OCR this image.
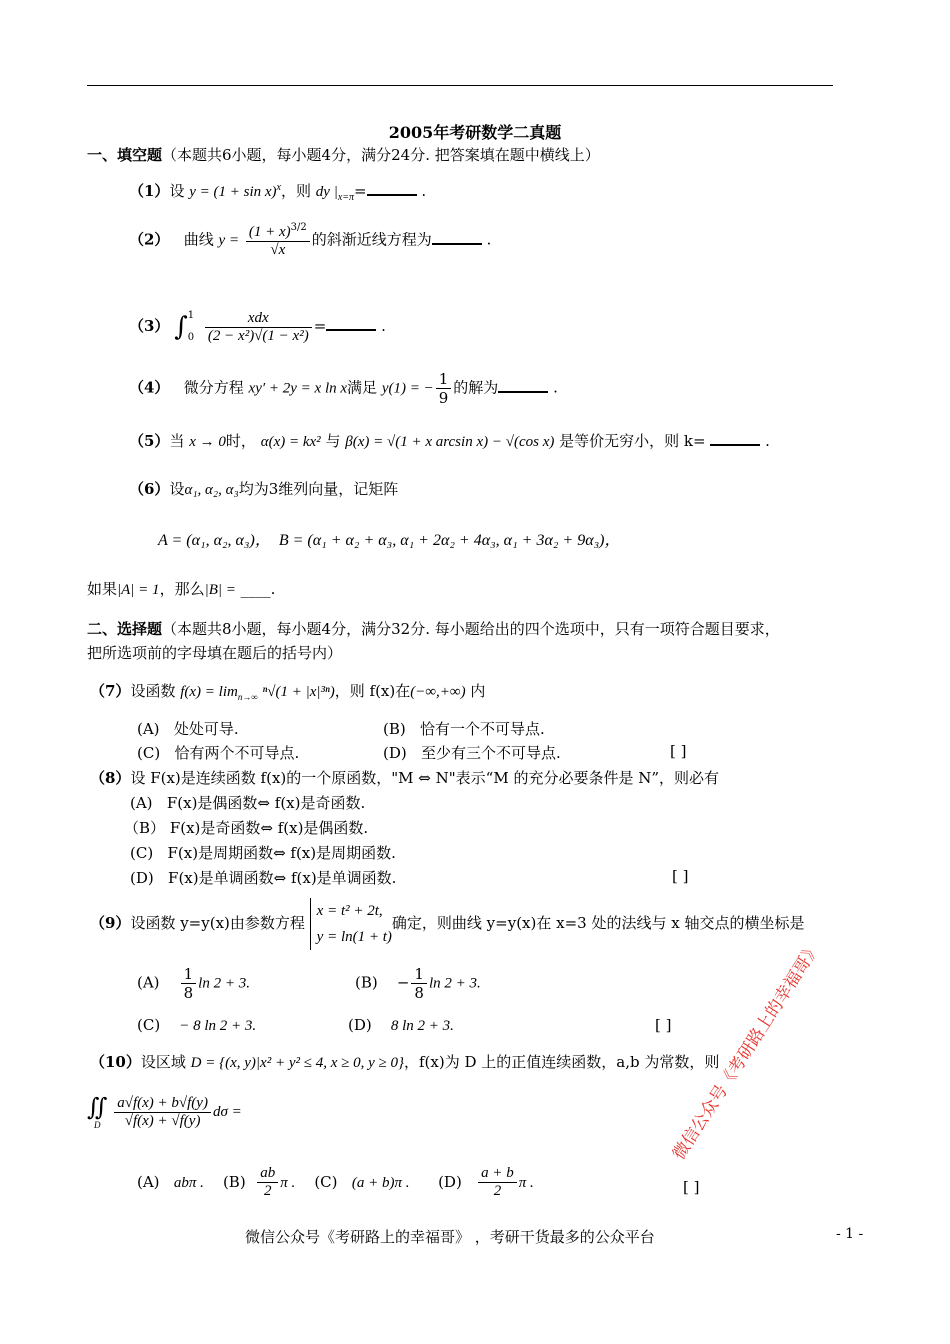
2005年考研数学二真题
一、填空题（本题共6小题，每小题4分，满分24分. 把答案填在题中横线上）
（1）设 $y = (1 + \sin x)^x$，则 dy $|_{x=\pi}=$	.
（2） 曲线 $y = \frac{(1 + x)^{3/2}}{√x}$ 的斜渐近线方程为	.
（3） ∫ 1
0
$\frac{\text{xdx}}{\text{(2 − x²)√(1 − x²)}}$ =	.
（4） 微分方程 xy′ + 2y = x ln x满足 y(1) = − $\frac{1}{9}$ 的解为	.
（5）当 x → 0时， α(x) = kx² 与 β(x) = √(1 + x arcsin x) − √(cos x) 是等价无穷小，则 k=	.
（6）设α₁, α₂, α₃均为3维列向量，记矩阵
A = (α₁, α₂, α₃)， B = (α₁ + α₂ + α₃, α₁ + 2α₂ + 4α₃, α₁ + 3α₂ + 9α₃)，
如果|A| = 1，那么|B| = ____.
二、选择题（本题共8小题，每小题4分，满分32分. 每小题给出的四个选项中，只有一项符合题目要求，
把所选项前的字母填在题后的括号内）
（7）设函数 $f(x) = \lim_{n\to\infty} ^n√(1 + |x|^{3n})$，则 f(x)在(−∞,+∞) 内
(A) 处处可导.	(B) 恰有一个不可导点.
(C) 恰有两个不可导点.	(D) 至少有三个不可导点.	[ ]
（8）设 F(x)是连续函数 f(x)的一个原函数，"M ⇔ N"表示“M 的充分必要条件是 N”，则必有
(A) F(x)是偶函数⇔ f(x)是奇函数.
（B） F(x)是奇函数⇔ f(x)是偶函数.
(C) F(x)是周期函数⇔ f(x)是周期函数.
(D) F(x)是单调函数⇔ f(x)是单调函数.	[ ]
（9）设函数 y=y(x)由参数方程
x = t² + 2t,
y = ln(1 + t)
确定，则曲线 y=y(x)在 x=3 处的法线与 x 轴交点的横坐标是
$(A) \frac{1}{8}$ ln 2 + 3.	$(B) - \frac{1}{8}$ ln 2 + 3.
(C) − 8 ln 2 + 3.	(D) 8 ln 2 + 3.	[ ]
（10）设区域 D = {(x, y)|x² + y² ≤ 4, x ≥ 0, y ≥ 0}，f(x)为 D 上的正值连续函数，a,b 为常数，则
∬
D
$\frac{a√f(x) + b√f(y)}{√f(x) + √f(y)}$ dσ =
(A) abπ . $(B) \frac{ab}{2}$ π . (C) (a + b)π . $(D) \frac{a + b}{2}$ π .	[ ]
微信公众号《考研路上的幸福哥》
微信公众号《考研路上的幸福哥》 ，考研干货最多的公众平台	- 1 -
